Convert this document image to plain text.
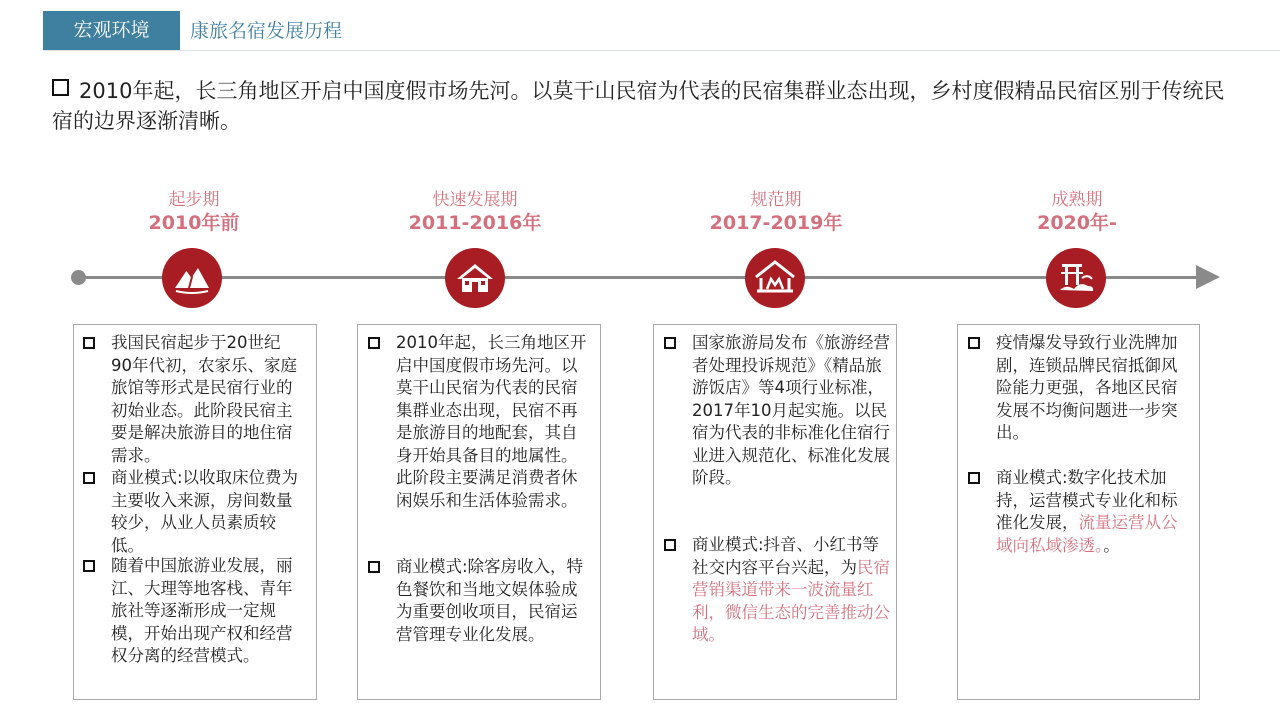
宏观环境	康旅名宿发展历程
2010年起，长三角地区开启中国度假市场先河。以莫干山民宿为代表的民宿集群业态出现，乡村度假精品民宿区别于传统民宿的边界逐渐清晰。
起步期
2010年前
快速发展期
2011-2016年
规范期
2017-2019年
成熟期
2020年-
我国民宿起步于20世纪90年代初，农家乐、家庭旅馆等形式是民宿行业的初始业态。此阶段民宿主要是解决旅游目的地住宿需求。
商业模式:以收取床位费为主要收入来源，房间数量较少，从业人员素质较低。
随着中国旅游业发展，丽江、大理等地客栈、青年旅社等逐渐形成一定规模，开始出现产权和经营权分离的经营模式。
2010年起，长三角地区开启中国度假市场先河。以莫干山民宿为代表的民宿集群业态出现，民宿不再是旅游目的地配套，其自身开始具备目的地属性。此阶段主要满足消费者休闲娱乐和生活体验需求。
商业模式:除客房收入，特色餐饮和当地文娱体验成为重要创收项目，民宿运营管理专业化发展。
国家旅游局发布《旅游经营者处理投诉规范》《精品旅游饭店》等4项行业标准，2017年10月起实施。以民宿为代表的非标准化住宿行业进入规范化、标准化发展阶段。
商业模式:抖音、小红书等社交内容平台兴起，为民宿营销渠道带来一波流量红利，微信生态的完善推动公域。
疫情爆发导致行业洗牌加剧，连锁品牌民宿抵御风险能力更强，各地区民宿发展不均衡问题进一步突出。
商业模式:数字化技术加持，运营模式专业化和标准化发展，流量运营从公域向私域渗透。。
